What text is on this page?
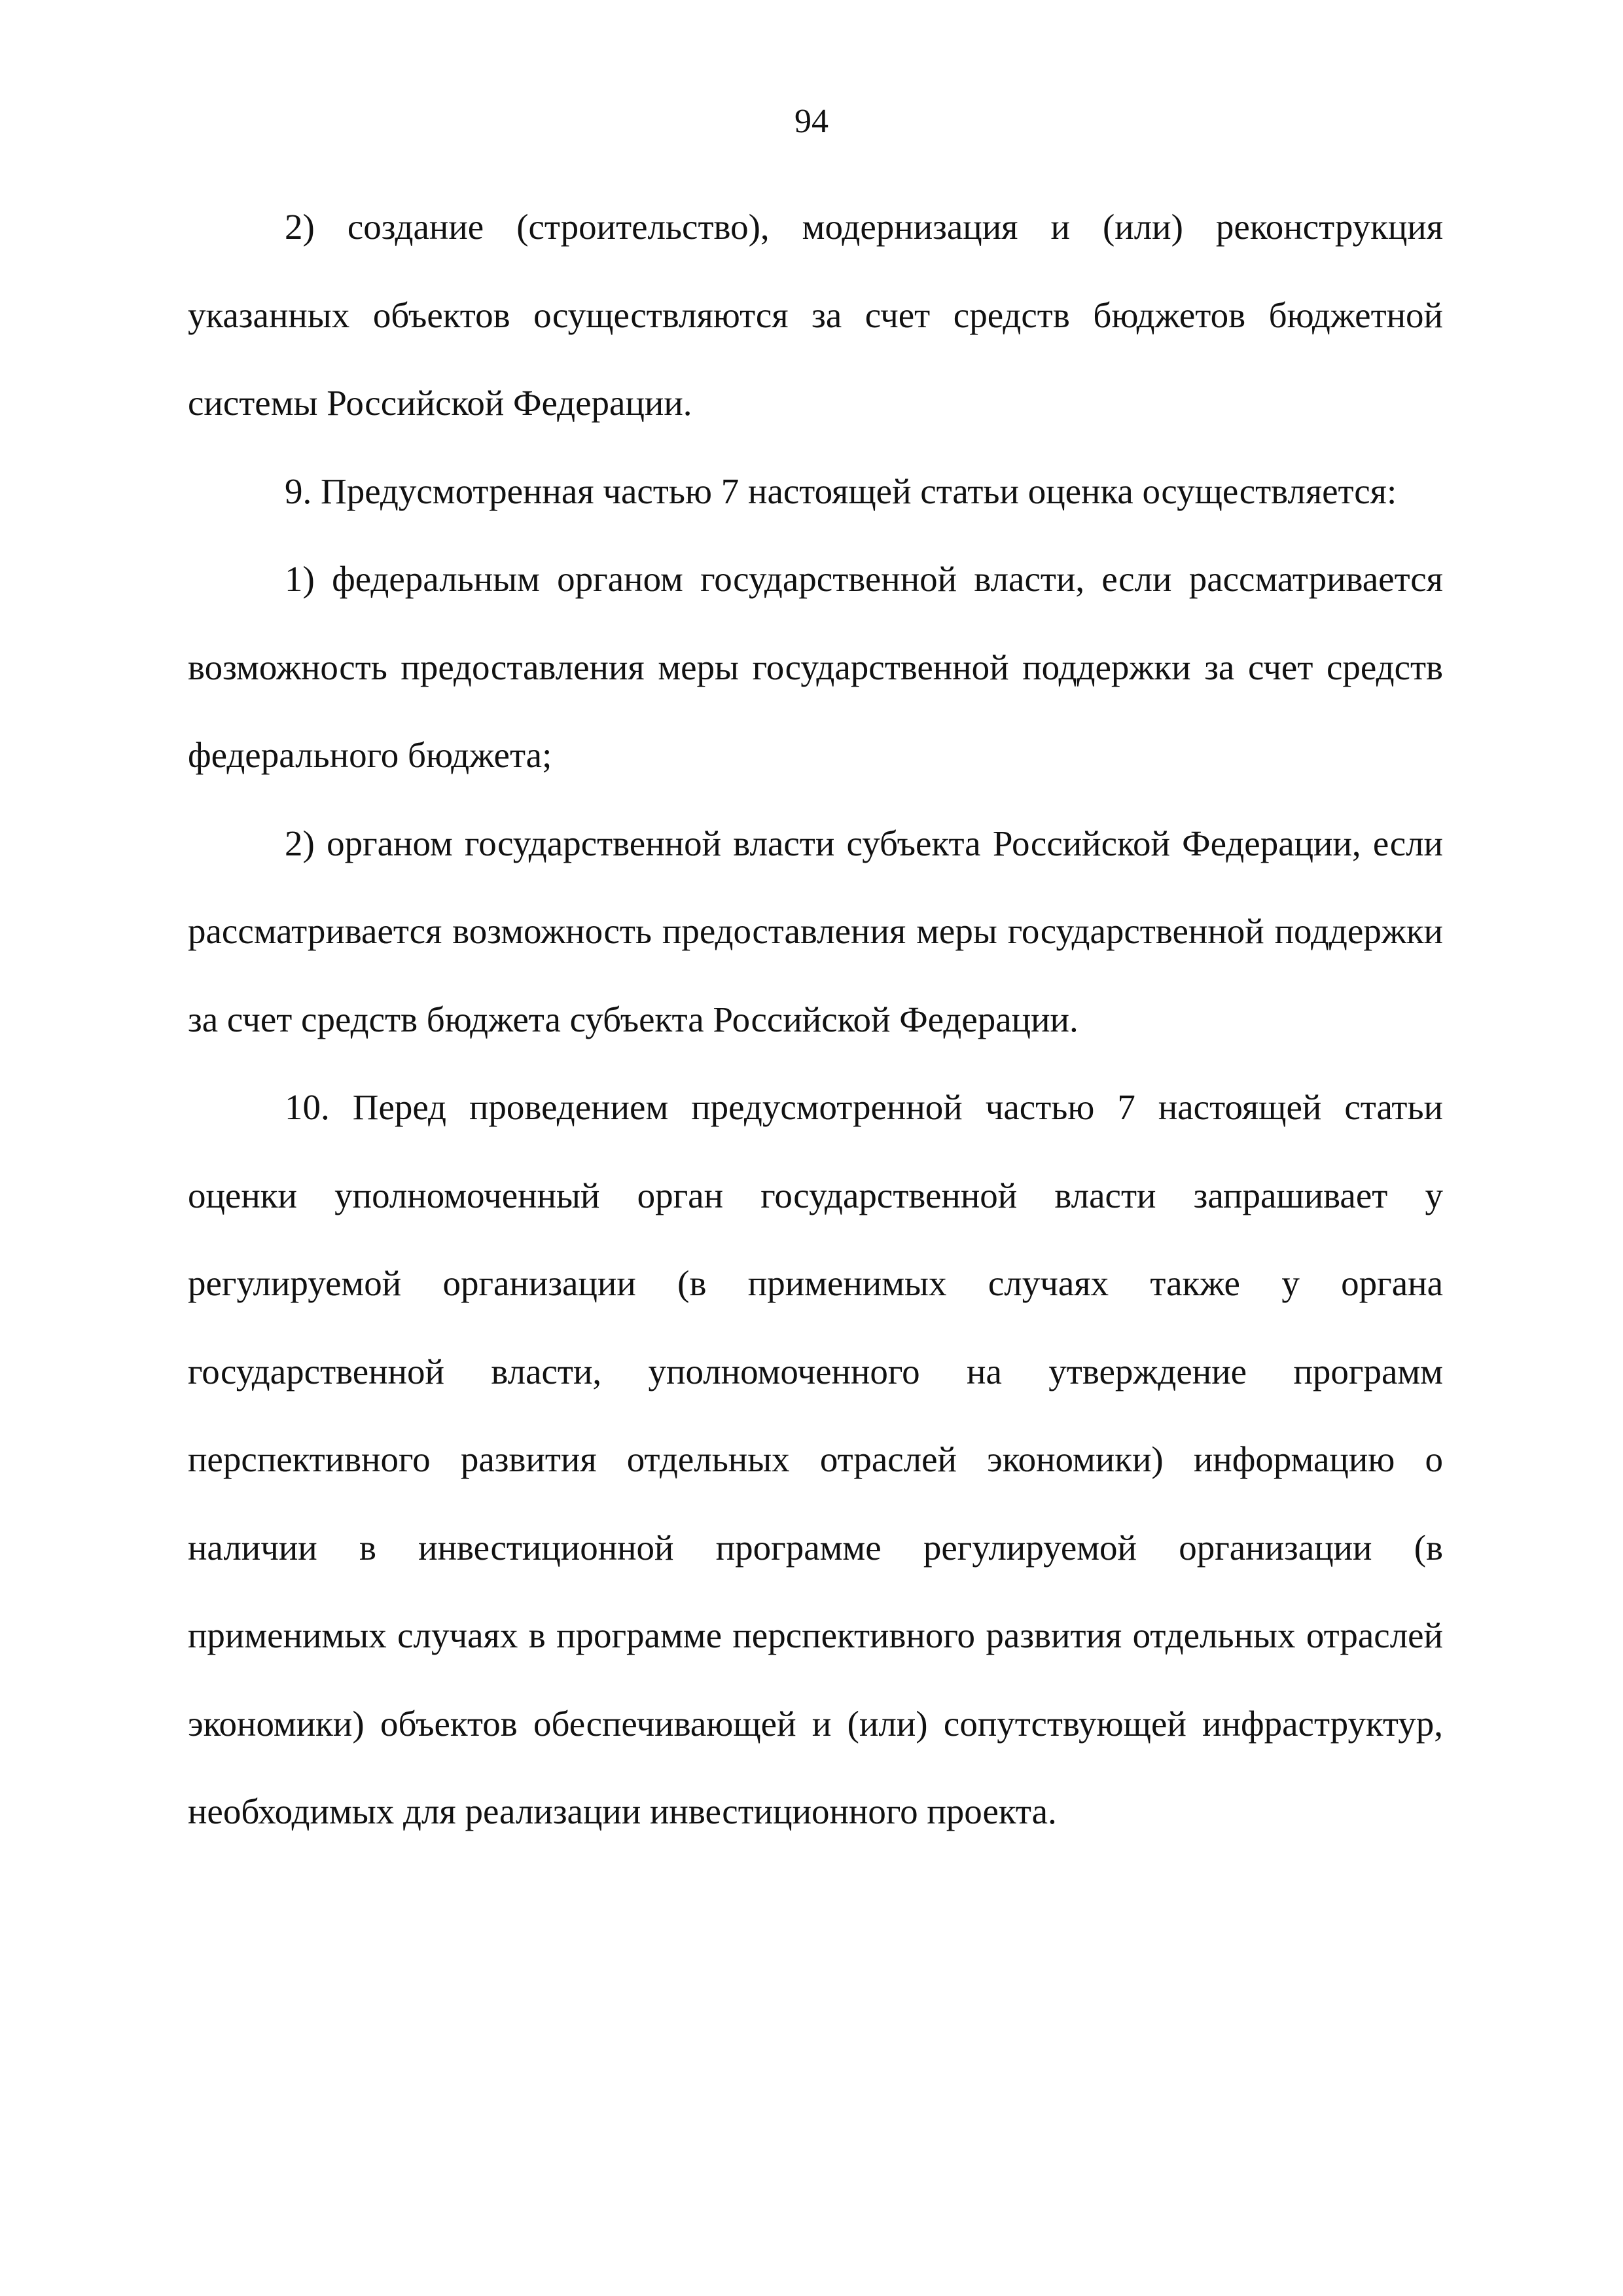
94

2) создание (строительство), модернизация и (или) реконструкция указанных объектов осуществляются за счет средств бюджетов бюджетной системы Российской Федерации.

9. Предусмотренная частью 7 настоящей статьи оценка осуществляется:

1) федеральным органом государственной власти, если рассматривается возможность предоставления меры государственной поддержки за счет средств федерального бюджета;

2) органом государственной власти субъекта Российской Федерации, если рассматривается возможность предоставления меры государственной поддержки за счет средств бюджета субъекта Российской Федерации.

10. Перед проведением предусмотренной частью 7 настоящей статьи оценки уполномоченный орган государственной власти запрашивает у регулируемой организации (в применимых случаях также у органа государственной власти, уполномоченного на утверждение программ перспективного развития отдельных отраслей экономики) информацию о наличии в инвестиционной программе регулируемой организации (в применимых случаях в программе перспективного развития отдельных отраслей экономики) объектов обеспечивающей и (или) сопутствующей инфраструктур, необходимых для реализации инвестиционного проекта.
